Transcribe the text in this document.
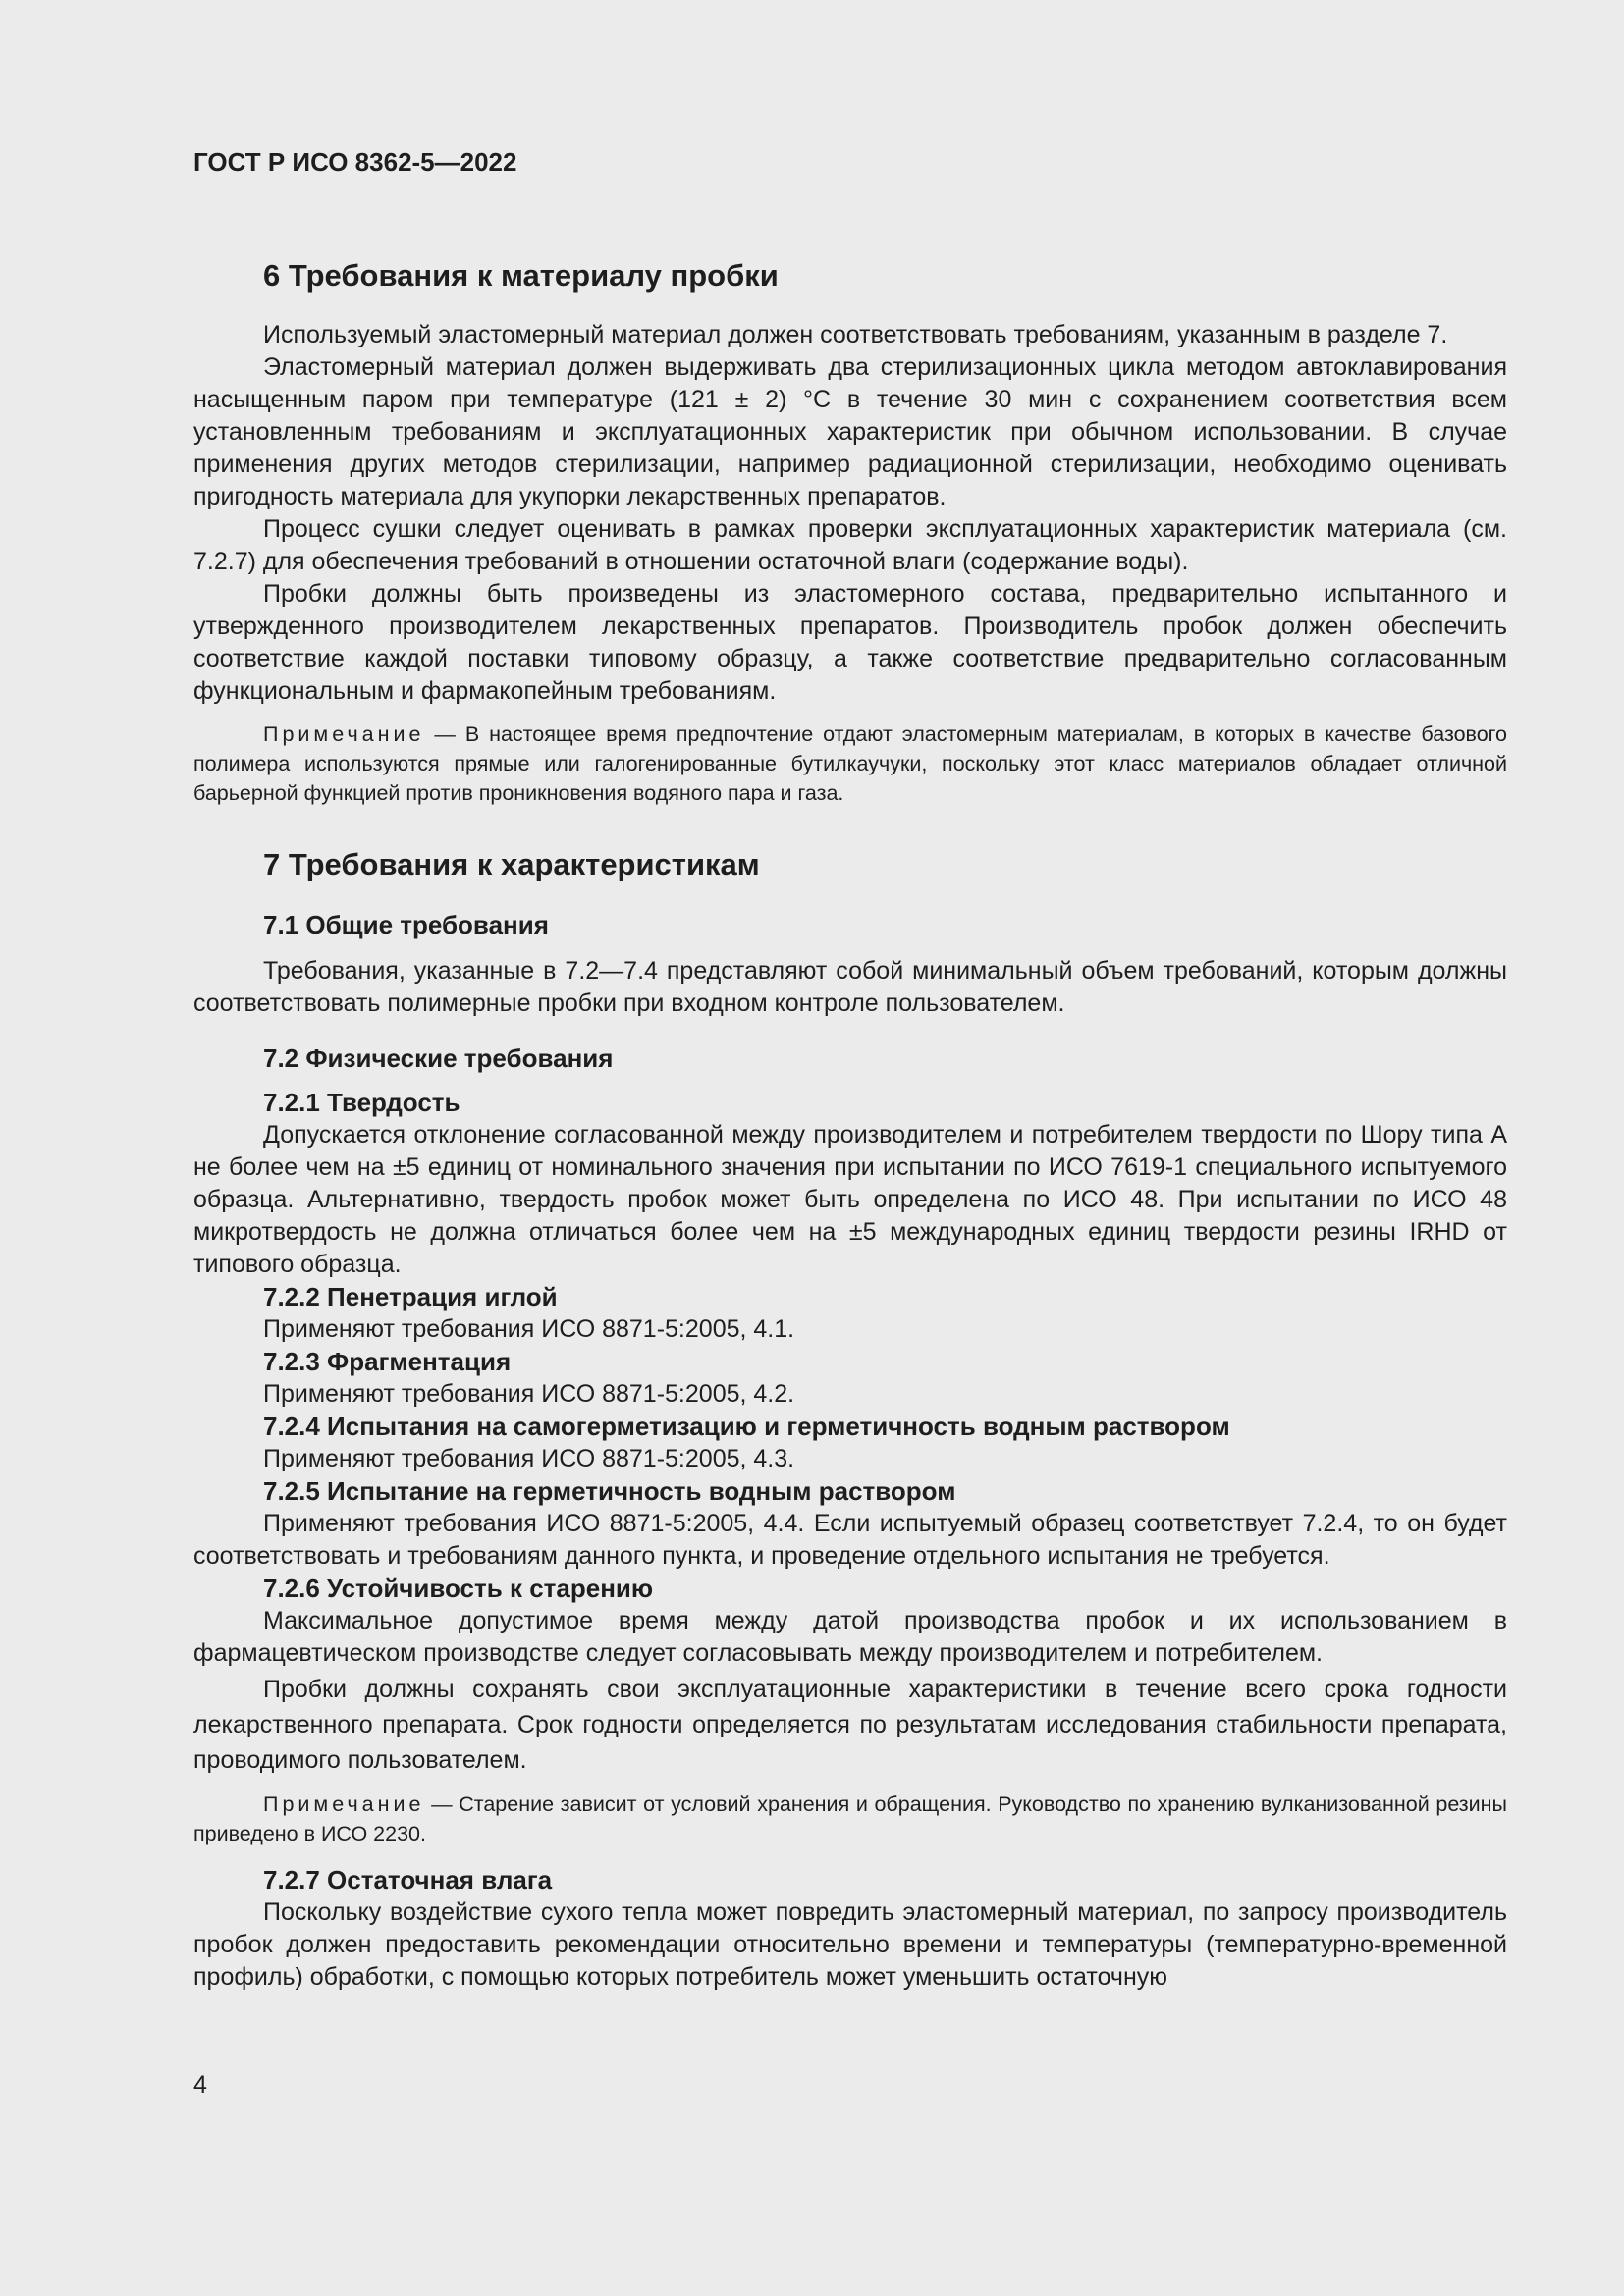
ГОСТ Р ИСО 8362-5—2022

6 Требования к материалу пробки

Используемый эластомерный материал должен соответствовать требованиям, указанным в разделе 7.

Эластомерный материал должен выдерживать два стерилизационных цикла методом автоклавирования насыщенным паром при температуре (121 ± 2) °С в течение 30 мин с сохранением соответствия всем установленным требованиям и эксплуатационных характеристик при обычном использовании. В случае применения других методов стерилизации, например радиационной стерилизации, необходимо оценивать пригодность материала для укупорки лекарственных препаратов.

Процесс сушки следует оценивать в рамках проверки эксплуатационных характеристик материала (см. 7.2.7) для обеспечения требований в отношении остаточной влаги (содержание воды).

Пробки должны быть произведены из эластомерного состава, предварительно испытанного и утвержденного производителем лекарственных препаратов. Производитель пробок должен обеспечить соответствие каждой поставки типовому образцу, а также соответствие предварительно согласованным функциональным и фармакопейным требованиям.

Примечание — В настоящее время предпочтение отдают эластомерным материалам, в которых в качестве базового полимера используются прямые или галогенированные бутилкаучуки, поскольку этот класс материалов обладает отличной барьерной функцией против проникновения водяного пара и газа.

7 Требования к характеристикам

7.1 Общие требования

Требования, указанные в 7.2—7.4 представляют собой минимальный объем требований, которым должны соответствовать полимерные пробки при входном контроле пользователем.

7.2 Физические требования

7.2.1 Твердость

Допускается отклонение согласованной между производителем и потребителем твердости по Шору типа А не более чем на ±5 единиц от номинального значения при испытании по ИСО 7619-1 специального испытуемого образца. Альтернативно, твердость пробок может быть определена по ИСО 48. При испытании по ИСО 48 микротвердость не должна отличаться более чем на ±5 международных единиц твердости резины IRHD от типового образца.

7.2.2 Пенетрация иглой

Применяют требования ИСО 8871-5:2005, 4.1.

7.2.3 Фрагментация

Применяют требования ИСО 8871-5:2005, 4.2.

7.2.4 Испытания на самогерметизацию и герметичность водным раствором

Применяют требования ИСО 8871-5:2005, 4.3.

7.2.5 Испытание на герметичность водным раствором

Применяют требования ИСО 8871-5:2005, 4.4. Если испытуемый образец соответствует 7.2.4, то он будет соответствовать и требованиям данного пункта, и проведение отдельного испытания не требуется.

7.2.6 Устойчивость к старению

Максимальное допустимое время между датой производства пробок и их использованием в фармацевтическом производстве следует согласовывать между производителем и потребителем.

Пробки должны сохранять свои эксплуатационные характеристики в течение всего срока годности лекарственного препарата. Срок годности определяется по результатам исследования стабильности препарата, проводимого пользователем.

Примечание — Старение зависит от условий хранения и обращения. Руководство по хранению вулканизованной резины приведено в ИСО 2230.

7.2.7 Остаточная влага

Поскольку воздействие сухого тепла может повредить эластомерный материал, по запросу производитель пробок должен предоставить рекомендации относительно времени и температуры (температурно-временной профиль) обработки, с помощью которых потребитель может уменьшить остаточную

4
